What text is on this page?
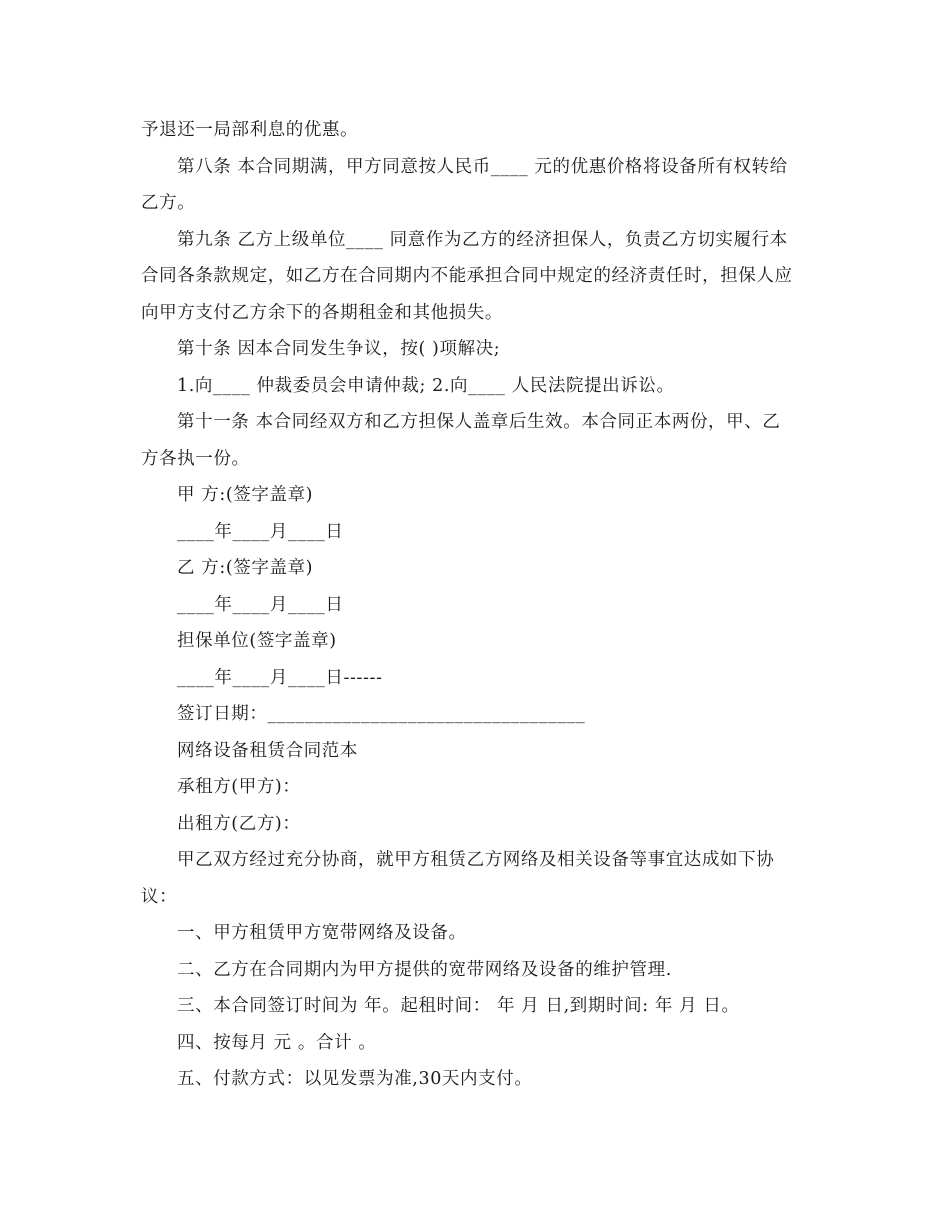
予退还一局部利息的优惠。
第八条 本合同期满，甲方同意按人民币____ 元的优惠价格将设备所有权转给
乙方。
第九条 乙方上级单位____ 同意作为乙方的经济担保人，负责乙方切实履行本
合同各条款规定，如乙方在合同期内不能承担合同中规定的经济责任时，担保人应
向甲方支付乙方余下的各期租金和其他损失。
第十条 因本合同发生争议，按( )项解决;
1.向____ 仲裁委员会申请仲裁; 2.向____ 人民法院提出诉讼。
第十一条 本合同经双方和乙方担保人盖章后生效。本合同正本两份，甲、乙
方各执一份。
甲 方:(签字盖章)
____年____月____日
乙 方:(签字盖章)
____年____月____日
担保单位(签字盖章)
____年____月____日------
签订日期：__________________________________
网络设备租赁合同范本
承租方(甲方)：
出租方(乙方)：
甲乙双方经过充分协商，就甲方租赁乙方网络及相关设备等事宜达成如下协
议：
一、甲方租赁甲方宽带网络及设备。
二、乙方在合同期内为甲方提供的宽带网络及设备的维护管理.
三、本合同签订时间为 年。起租时间： 年 月 日,到期时间: 年 月 日。
四、按每月 元 。合计 。
五、付款方式：以见发票为准,30天内支付。
